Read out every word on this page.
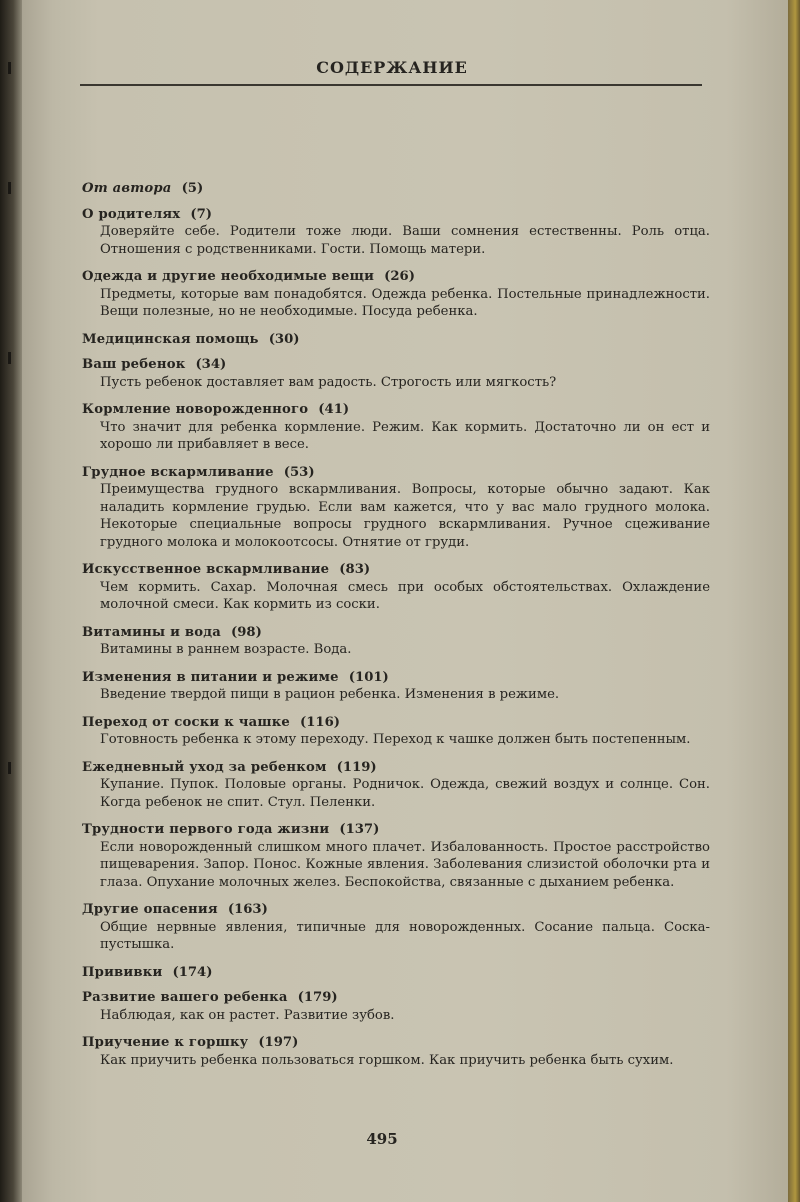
СОДЕРЖАНИЕ
От автора (5)
О родителях (7)
Доверяйте себе. Родители тоже люди. Ваши сомнения естественны. Роль отца. Отношения с родственниками. Гости. Помощь матери.
Одежда и другие необходимые вещи (26)
Предметы, которые вам понадобятся. Одежда ребенка. Постельные принадлежности. Вещи полезные, но не необходимые. Посуда ребенка.
Медицинская помощь (30)
Ваш ребенок (34)
Пусть ребенок доставляет вам радость. Строгость или мягкость?
Кормление новорожденного (41)
Что значит для ребенка кормление. Режим. Как кормить. Достаточно ли он ест и хорошо ли прибавляет в весе.
Грудное вскармливание (53)
Преимущества грудного вскармливания. Вопросы, которые обычно задают. Как наладить кормление грудью. Если вам кажется, что у вас мало грудного молока. Некоторые специальные вопросы грудного вскармливания. Ручное сцеживание грудного молока и молокоотсосы. Отнятие от груди.
Искусственное вскармливание (83)
Чем кормить. Сахар. Молочная смесь при особых обстоятельствах. Охлаждение молочной смеси. Как кормить из соски.
Витамины и вода (98)
Витамины в раннем возрасте. Вода.
Изменения в питании и режиме (101)
Введение твердой пищи в рацион ребенка. Изменения в режиме.
Переход от соски к чашке (116)
Готовность ребенка к этому переходу. Переход к чашке должен быть постепенным.
Ежедневный уход за ребенком (119)
Купание. Пупок. Половые органы. Родничок. Одежда, свежий воздух и солнце. Сон. Когда ребенок не спит. Стул. Пеленки.
Трудности первого года жизни (137)
Если новорожденный слишком много плачет. Избалованность. Простое расстройство пищеварения. Запор. Понос. Кожные явления. Заболевания слизистой оболочки рта и глаза. Опухание молочных желез. Беспокойства, связанные с дыханием ребенка.
Другие опасения (163)
Общие нервные явления, типичные для новорожденных. Сосание пальца. Соска-пустышка.
Прививки (174)
Развитие вашего ребенка (179)
Наблюдая, как он растет. Развитие зубов.
Приучение к горшку (197)
Как приучить ребенка пользоваться горшком. Как приучить ребенка быть сухим.
495
